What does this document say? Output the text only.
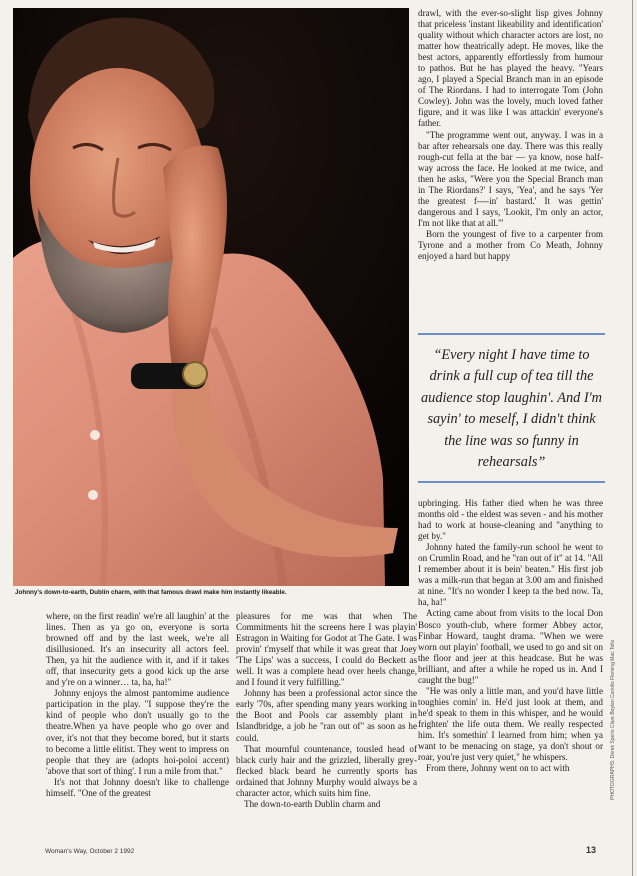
Johnny's down-to-earth, Dublin charm, with that famous drawl make him instantly likeable.

where, on the first readin' we're all laughin' at the lines. Then as ya go on, everyone is sorta browned off and by the last week, we're all disillusioned. It's an insecurity all actors feel. Then, ya hit the audience with it, and if it takes off, that insecurity gets a good kick up the arse and y're on a winner… ta, ha, ha!"

Johnny enjoys the almost pantomime audience participation in the play. "I suppose they're the kind of people who don't usually go to the theatre.When ya have people who go over and over, it's not that they become bored, but it starts to become a little elitist. They went to impress on people that they are (adopts hoi-poloi accent) 'above that sort of thing'. I run a mile from that."

It's not that Johnny doesn't like to challenge himself. "One of the greatest

pleasures for me was that when The Commitments hit the screens here I was playin' Estragon in Waiting for Godot at The Gate. I was provin' t'myself that while it was great that Joey 'The Lips' was a success, I could do Beckett as well. It was a complete head over heels change, and I found it very fulfilling."

Johnny has been a professional actor since the early '70s, after spending many years working in the Boot and Pools car assembly plant in Islandbridge, a job he "ran out of" as soon as he could.

That mournful countenance, tousled head of black curly hair and the grizzled, liberally grey-flecked black beard he currently sports has ordained that Johnny Murphy would always be a character actor, which suits him fine.

The down-to-earth Dublin charm and

drawl, with the ever-so-slight lisp gives Johnny that priceless 'instant likeability and identification' quality without which character actors are lost, no matter how theatrically adept. He moves, like the best actors, apparently effortlessly from humour to pathos. But he has played the heavy. "Years ago, I played a Special Branch man in an episode of The Riordans. I had to interrogate Tom (John Cowley). John was the lovely, much loved father figure, and it was like I was attackin' everyone's father.

"The programme went out, anyway. I was in a bar after rehearsals one day. There was this really rough-cut fella at the bar — ya know, nose half-way across the face. He looked at me twice, and then he asks, "Were you the Special Branch man in The Riordans?' I says, 'Yea', and he says 'Yer the greatest f----in' bastard.' It was gettin' dangerous and I says, 'Lookit, I'm only an actor, I'm not like that at all.'"

Born the youngest of five to a carpenter from Tyrone and a mother from Co Meath, Johnny enjoyed a hard but happy

“Every night I have time to drink a full cup of tea till the audience stop laughin'. And I'm sayin' to meself, I didn't think the line was so funny in rehearsals”

upbringing. His father died when he was three months old - the eldest was seven - and his mother had to work at house-cleaning and "anything to get by."

Johnny hated the family-run school he went to on Crumlin Road, and he "ran out of it" at 14. "All I remember about it is bein' beaten." His first job was a milk-run that began at 3.00 am and finished at nine. "It's no wonder I keep ta the bed now. Ta, ha, ha!"

Acting came about from visits to the local Don Bosco youth-club, where former Abbey actor, Finbar Howard, taught drama. "When we were worn out playin' football, we used to go and sit on the floor and jeer at this headcase. But he was brilliant, and after a while he roped us in. And I caught the bug!"

"He was only a little man, and you'd have little toughies comin' in. He'd just look at them, and he'd speak to them in this whisper, and he would frighten' the life outa them. We really respected him. It's somethin' I learned from him; when ya want to be menacing on stage, ya don't shout or roar, you're just very quiet," he whispers.

From there, Johnny went on to act with	PHOTOGRAPHS: Derek Speirs Clare Boylan Coriolis Fleming Mac Tells
Woman's Way, October 2 1992	13
